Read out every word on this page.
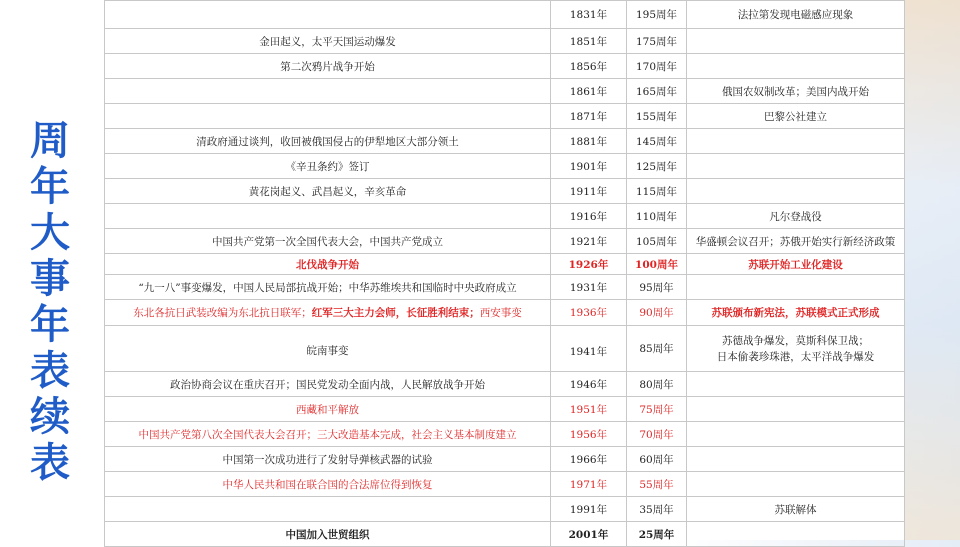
周
年
大
事
年
表
续
表
	1831年	195周年	法拉第发现电磁感应现象
金田起义，太平天国运动爆发	1851年	175周年	
第二次鸦片战争开始	1856年	170周年	
	1861年	165周年	俄国农奴制改革；美国内战开始
	1871年	155周年	巴黎公社建立
清政府通过谈判，收回被俄国侵占的伊犁地区大部分领土	1881年	145周年	
《辛丑条约》签订	1901年	125周年	
黄花岗起义、武昌起义，辛亥革命	1911年	115周年	
	1916年	110周年	凡尔登战役
中国共产党第一次全国代表大会，中国共产党成立	1921年	105周年	华盛顿会议召开；苏俄开始实行新经济政策
北伐战争开始	1926年	100周年	苏联开始工业化建设
“九一八”事变爆发，中国人民局部抗战开始；中华苏维埃共和国临时中央政府成立	1931年	95周年	
东北各抗日武装改编为东北抗日联军；红军三大主力会师，长征胜利结束；西安事变	1936年	90周年	苏联颁布新宪法，苏联模式正式形成
皖南事变	1941年	85周年	苏德战争爆发，莫斯科保卫战；
日本偷袭珍珠港，太平洋战争爆发

政治协商会议在重庆召开；国民党发动全面内战，人民解放战争开始	1946年	80周年	
西藏和平解放	1951年	75周年	
中国共产党第八次全国代表大会召开；三大改造基本完成，社会主义基本制度建立	1956年	70周年	
中国第一次成功进行了发射导弹核武器的试验	1966年	60周年	
中华人民共和国在联合国的合法席位得到恢复	1971年	55周年	
	1991年	35周年	苏联解体
中国加入世贸组织	2001年	25周年	
